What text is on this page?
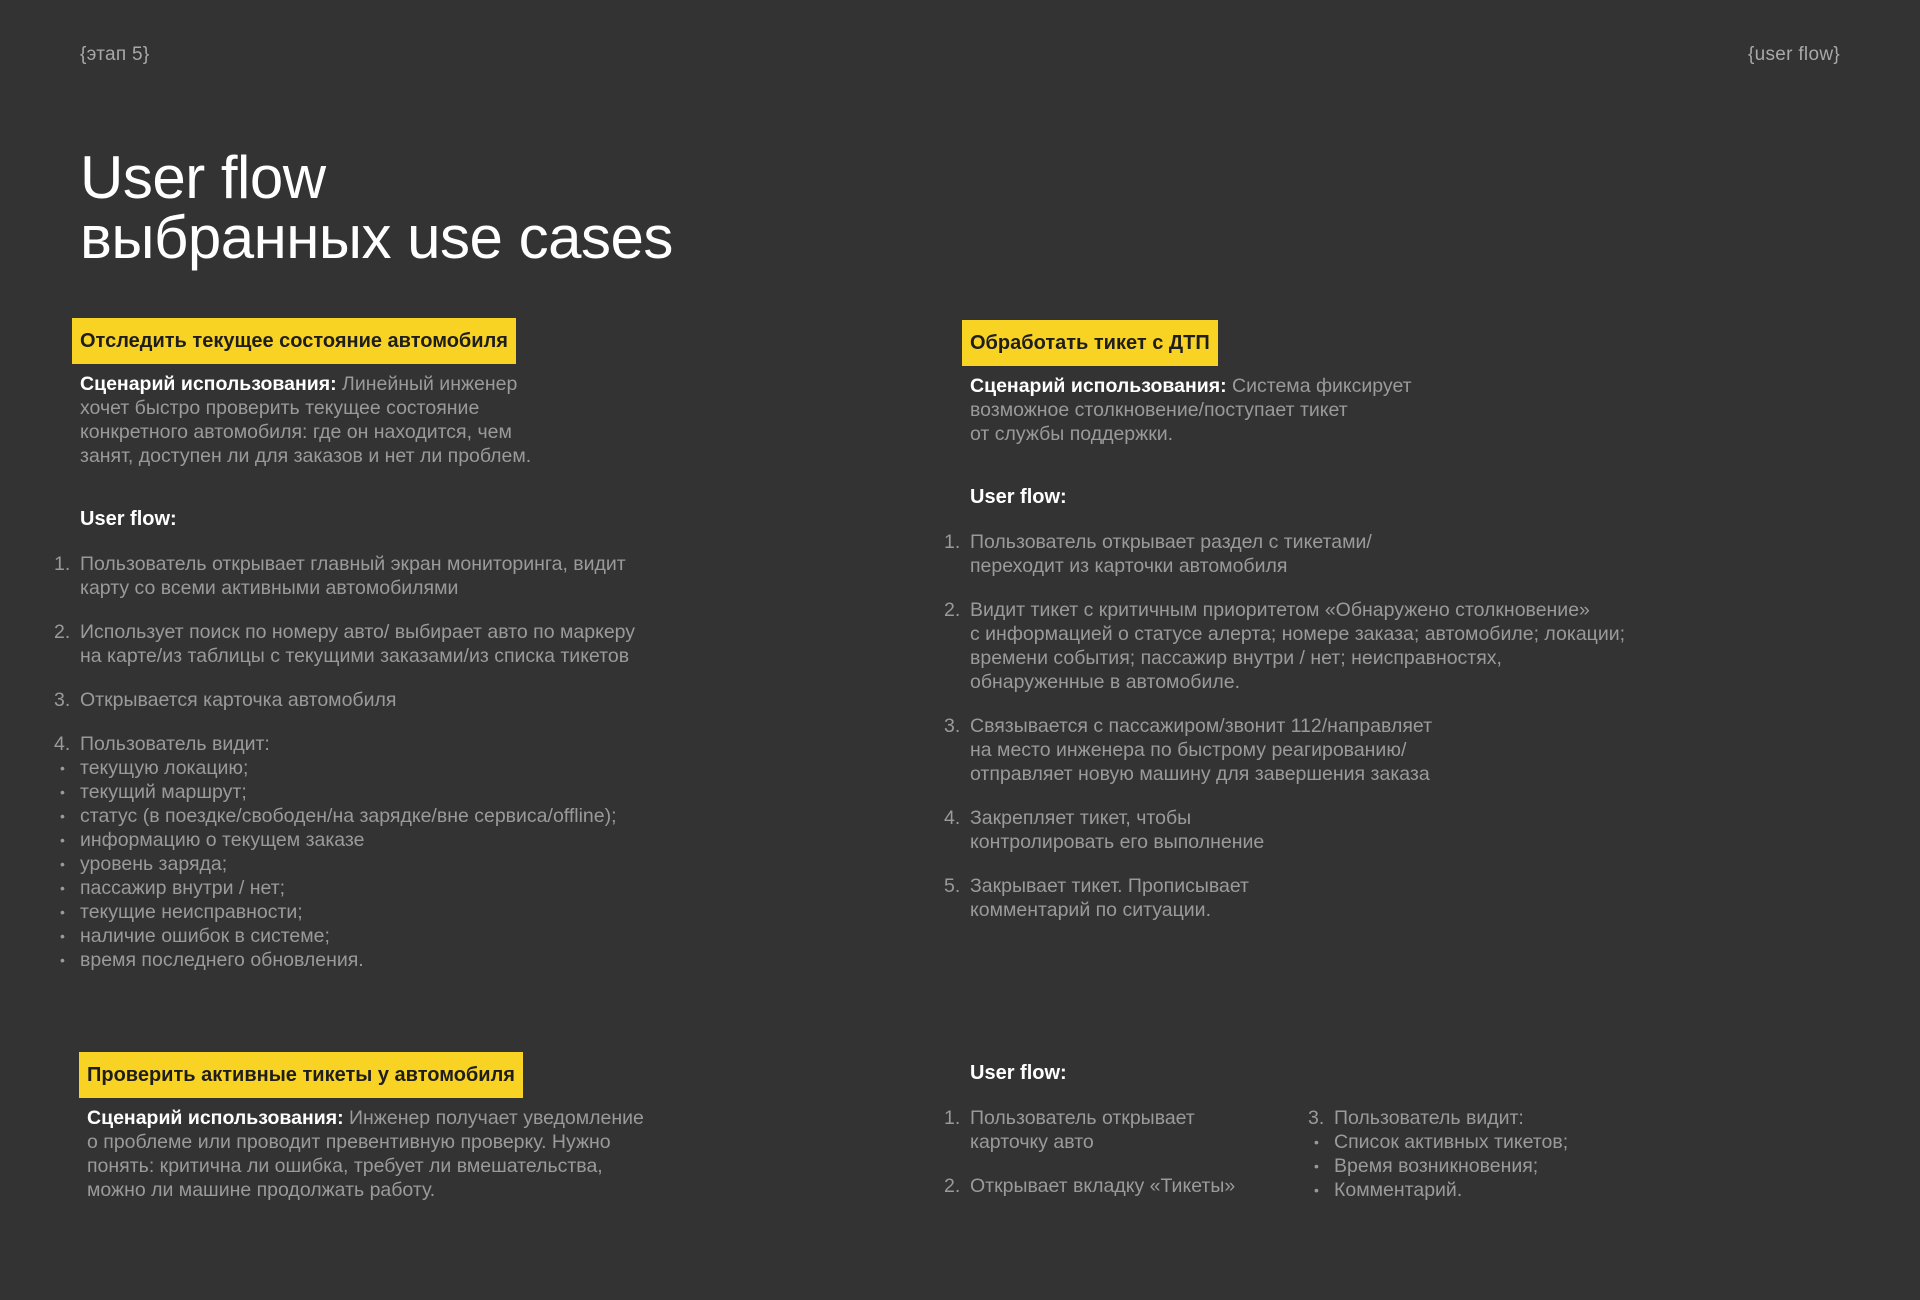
{этап 5}	{user flow}
User flow
выбранных use cases
Отследить текущее состояние автомобиля
Сценарий использования: Линейный инженер
хочет быстро проверить текущее состояние
конкретного автомобиля: где он находится, чем
занят, доступен ли для заказов и нет ли проблем.
User flow:
1. Пользователь открывает главный экран мониторинга, видит
карту со всеми активными автомобилями
2. Использует поиск по номеру авто/ выбирает авто по маркеру
на карте/из таблицы с текущими заказами/из списка тикетов
3. Открывается карточка автомобиля
4. Пользователь видит:
• текущую локацию;
• текущий маршрут;
• статус (в поездке/свободен/на зарядке/вне сервиса/offline);
• информацию о текущем заказе
• уровень заряда;
• пассажир внутри / нет;
• текущие неисправности;
• наличие ошибок в системе;
• время последнего обновления.
Обработать тикет с ДТП
Сценарий использования: Система фиксирует
возможное столкновение/поступает тикет
от службы поддержки.
User flow:
1. Пользователь открывает раздел с тикетами/
переходит из карточки автомобиля
2. Видит тикет с критичным приоритетом «Обнаружено столкновение»
с информацией о статусе алерта; номере заказа; автомобиле; локации;
времени события; пассажир внутри / нет; неисправностях,
обнаруженные в автомобиле.
3. Связывается с пассажиром/звонит 112/направляет
на место инженера по быстрому реагированию/
отправляет новую машину для завершения заказа
4. Закрепляет тикет, чтобы
контролировать его выполнение
5. Закрывает тикет. Прописывает
комментарий по ситуации.
Проверить активные тикеты у автомобиля
Сценарий использования: Инженер получает уведомление
о проблеме или проводит превентивную проверку. Нужно
понять: критична ли ошибка, требует ли вмешательства,
можно ли машине продолжать работу.
User flow:
1. Пользователь открывает
карточку авто
2. Открывает вкладку «Тикеты»
3. Пользователь видит:
• Список активных тикетов;
• Время возникновения;
• Комментарий.
